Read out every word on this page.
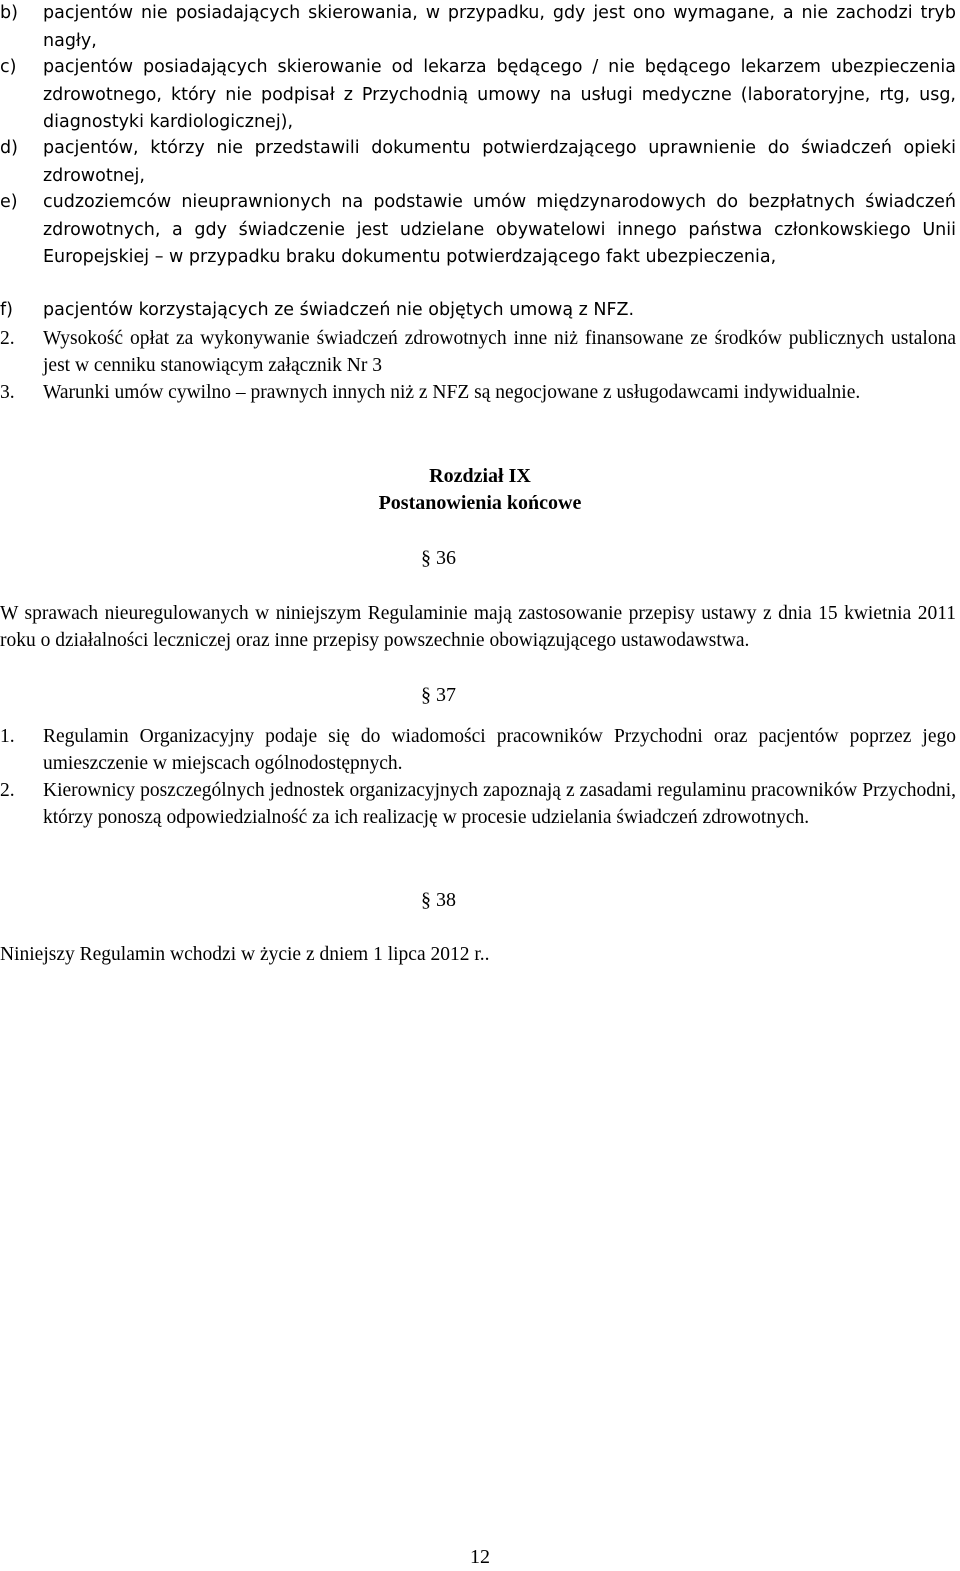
b) pacjentów nie posiadających skierowania, w przypadku, gdy jest ono wymagane, a nie zachodzi tryb nagły,
c) pacjentów posiadających skierowanie od lekarza będącego / nie będącego lekarzem ubezpieczenia zdrowotnego, który nie podpisał z Przychodnią umowy na usługi medyczne (laboratoryjne, rtg, usg, diagnostyki kardiologicznej),
d) pacjentów, którzy nie przedstawili dokumentu potwierdzającego uprawnienie do świadczeń opieki zdrowotnej,
e) cudzoziemców nieuprawnionych na podstawie umów międzynarodowych do bezpłatnych świadczeń zdrowotnych, a gdy świadczenie jest udzielane obywatelowi innego państwa członkowskiego Unii Europejskiej – w przypadku braku dokumentu potwierdzającego fakt ubezpieczenia,
f) pacjentów korzystających ze świadczeń nie objętych umową z NFZ.
2. Wysokość opłat za wykonywanie świadczeń zdrowotnych inne niż finansowane ze środków publicznych ustalona jest w cenniku stanowiącym załącznik Nr 3
3. Warunki umów cywilno – prawnych innych niż z NFZ są negocjowane z usługodawcami indywidualnie.
Rozdział IX
Postanowienia końcowe
§ 36
W sprawach nieuregulowanych w niniejszym Regulaminie mają zastosowanie przepisy ustawy z dnia 15 kwietnia 2011 roku o działalności leczniczej oraz inne przepisy powszechnie obowiązującego ustawodawstwa.
§ 37
1. Regulamin Organizacyjny podaje się do wiadomości pracowników Przychodni oraz pacjentów poprzez jego umieszczenie w miejscach ogólnodostępnych.
2. Kierownicy poszczególnych jednostek organizacyjnych zapoznają z zasadami regulaminu pracowników Przychodni, którzy ponoszą odpowiedzialność za ich realizację w procesie udzielania świadczeń zdrowotnych.
§ 38
Niniejszy Regulamin wchodzi w życie z dniem 1 lipca 2012 r..
12
